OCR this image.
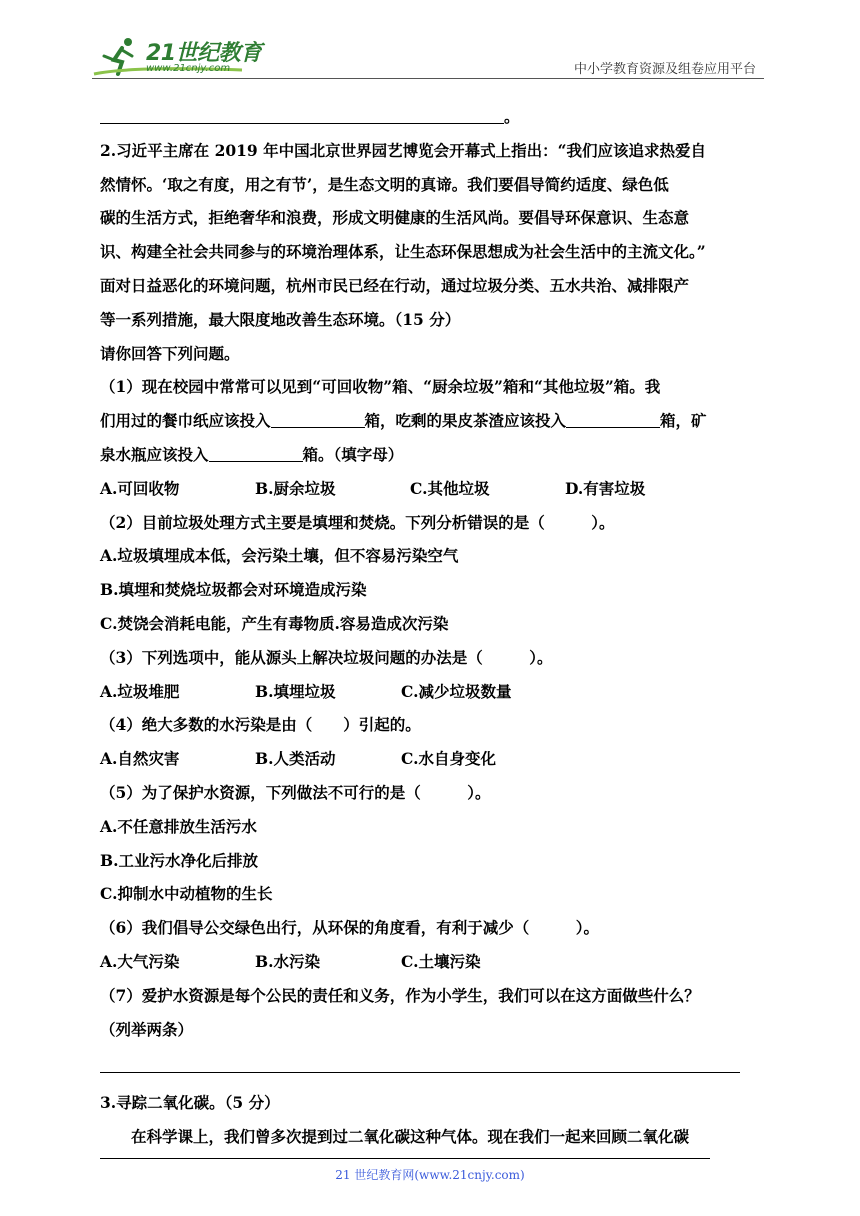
21世纪教育
www.21cnjy.com	中小学教育资源及组卷应用平台
。
2.习近平主席在 2019 年中国北京世界园艺博览会开幕式上指出：“我们应该追求热爱自
然情怀。‘取之有度，用之有节’，是生态文明的真谛。我们要倡导简约适度、绿色低
碳的生活方式，拒绝奢华和浪费，形成文明健康的生活风尚。要倡导环保意识、生态意
识、构建全社会共同参与的环境治理体系，让生态环保思想成为社会生活中的主流文化。”
面对日益恶化的环境问题，杭州市民已经在行动，通过垃圾分类、五水共治、减排限产
等一系列措施，最大限度地改善生态环境。（15 分）
请你回答下列问题。
（1）现在校园中常常可以见到“可回收物”箱、“厨余垃圾”箱和“其他垃圾”箱。我
们用过的餐巾纸应该投入	箱，吃剩的果皮茶渣应该投入	箱，矿
泉水瓶应该投入	箱。（填字母）
A.可回收物	B.厨余垃圾	C.其他垃圾	D.有害垃圾
（2）目前垃圾处理方式主要是填埋和焚烧。下列分析错误的是（　　　）。
A.垃圾填埋成本低，会污染土壤，但不容易污染空气
B.填埋和焚烧垃圾都会对环境造成污染
C.焚饶会消耗电能，产生有毒物质.容易造成次污染
（3）下列选项中，能从源头上解决垃圾问题的办法是（　　　）。
A.垃圾堆肥	B.填埋垃圾	C.减少垃圾数量
（4）绝大多数的水污染是由（　　）引起的。
A.自然灾害	B.人类活动	C.水自身变化
（5）为了保护水资源，下列做法不可行的是（　　　）。
A.不任意排放生活污水
B.工业污水净化后排放
C.抑制水中动植物的生长
（6）我们倡导公交绿色出行，从环保的角度看，有利于减少（　　　）。
A.大气污染	B.水污染	C.土壤污染
（7）爱护水资源是每个公民的责任和义务，作为小学生，我们可以在这方面做些什么？
（列举两条）
3.寻踪二氧化碳。（5 分）
　　在科学课上，我们曾多次提到过二氧化碳这种气体。现在我们一起来回顾二氧化碳
21 世纪教育网(www.21cnjy.com)
